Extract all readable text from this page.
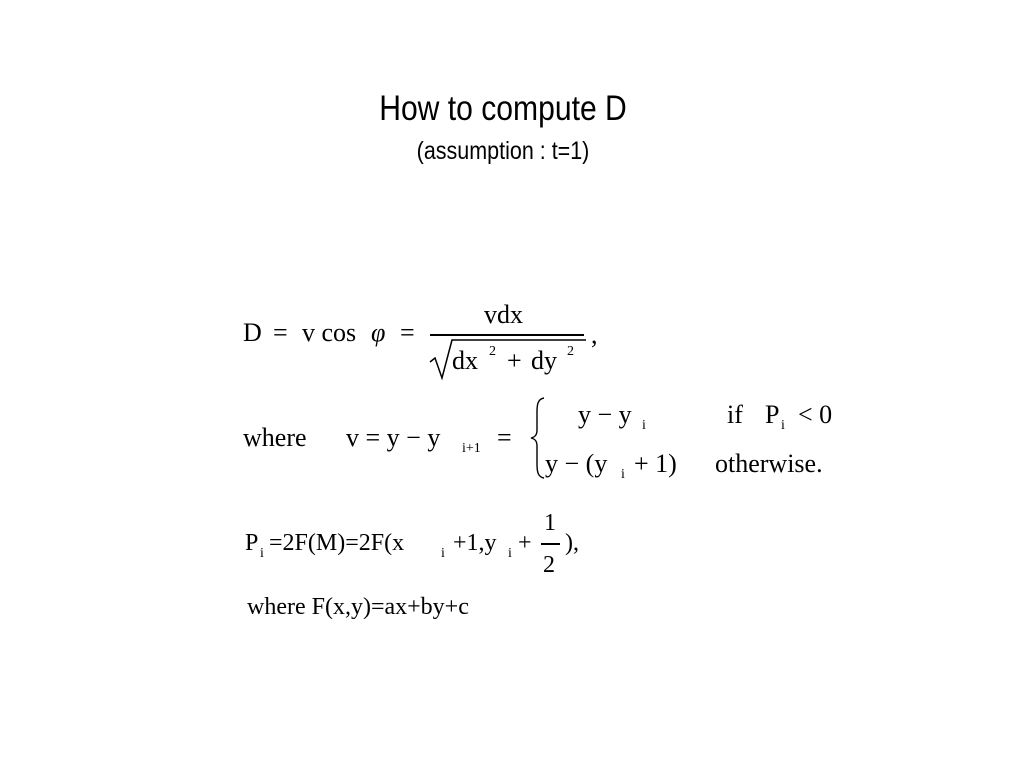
How to compute D
(assumption : t=1)
D = v cos φ =
vdx
dx 2 + dy 2
,
where v = y − y i+1 =
y − y i	if P i < 0
y − (y i + 1) otherwise.
P i =2F(M)=2F(x	i +1,y i +
1
2
),
where F(x,y)=ax+by+c
